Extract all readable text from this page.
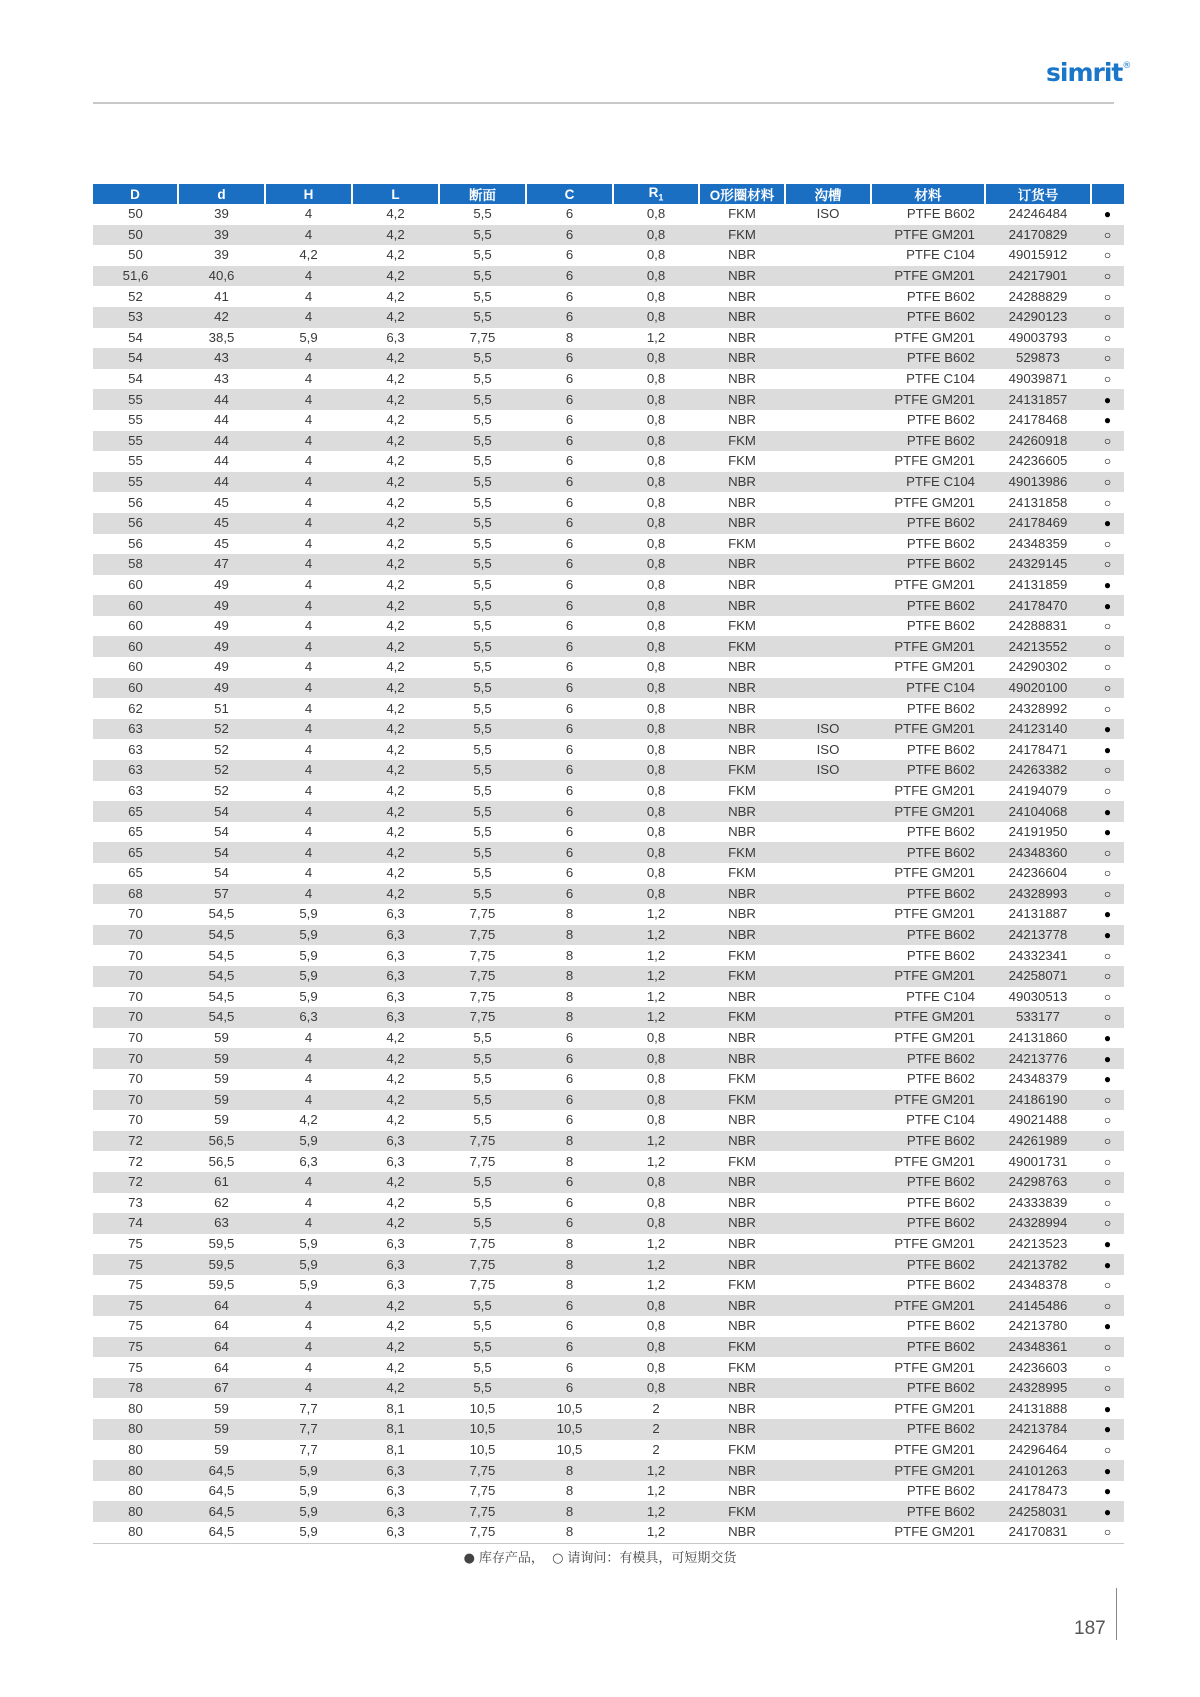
simrit®
D	d	H	L	断面	C	$R_1$	O形圈材料	沟槽	材料	订货号	
50	39	4	4,2	5,5	6	0,8	FKM	ISO	PTFE B602	24246484	●
50	39	4	4,2	5,5	6	0,8	FKM		PTFE GM201	24170829	○
50	39	4,2	4,2	5,5	6	0,8	NBR		PTFE C104	49015912	○
51,6	40,6	4	4,2	5,5	6	0,8	NBR		PTFE GM201	24217901	○
52	41	4	4,2	5,5	6	0,8	NBR		PTFE B602	24288829	○
53	42	4	4,2	5,5	6	0,8	NBR		PTFE B602	24290123	○
54	38,5	5,9	6,3	7,75	8	1,2	NBR		PTFE GM201	49003793	○
54	43	4	4,2	5,5	6	0,8	NBR		PTFE B602	529873	○
54	43	4	4,2	5,5	6	0,8	NBR		PTFE C104	49039871	○
55	44	4	4,2	5,5	6	0,8	NBR		PTFE GM201	24131857	●
55	44	4	4,2	5,5	6	0,8	NBR		PTFE B602	24178468	●
55	44	4	4,2	5,5	6	0,8	FKM		PTFE B602	24260918	○
55	44	4	4,2	5,5	6	0,8	FKM		PTFE GM201	24236605	○
55	44	4	4,2	5,5	6	0,8	NBR		PTFE C104	49013986	○
56	45	4	4,2	5,5	6	0,8	NBR		PTFE GM201	24131858	○
56	45	4	4,2	5,5	6	0,8	NBR		PTFE B602	24178469	●
56	45	4	4,2	5,5	6	0,8	FKM		PTFE B602	24348359	○
58	47	4	4,2	5,5	6	0,8	NBR		PTFE B602	24329145	○
60	49	4	4,2	5,5	6	0,8	NBR		PTFE GM201	24131859	●
60	49	4	4,2	5,5	6	0,8	NBR		PTFE B602	24178470	●
60	49	4	4,2	5,5	6	0,8	FKM		PTFE B602	24288831	○
60	49	4	4,2	5,5	6	0,8	FKM		PTFE GM201	24213552	○
60	49	4	4,2	5,5	6	0,8	NBR		PTFE GM201	24290302	○
60	49	4	4,2	5,5	6	0,8	NBR		PTFE C104	49020100	○
62	51	4	4,2	5,5	6	0,8	NBR		PTFE B602	24328992	○
63	52	4	4,2	5,5	6	0,8	NBR	ISO	PTFE GM201	24123140	●
63	52	4	4,2	5,5	6	0,8	NBR	ISO	PTFE B602	24178471	●
63	52	4	4,2	5,5	6	0,8	FKM	ISO	PTFE B602	24263382	○
63	52	4	4,2	5,5	6	0,8	FKM		PTFE GM201	24194079	○
65	54	4	4,2	5,5	6	0,8	NBR		PTFE GM201	24104068	●
65	54	4	4,2	5,5	6	0,8	NBR		PTFE B602	24191950	●
65	54	4	4,2	5,5	6	0,8	FKM		PTFE B602	24348360	○
65	54	4	4,2	5,5	6	0,8	FKM		PTFE GM201	24236604	○
68	57	4	4,2	5,5	6	0,8	NBR		PTFE B602	24328993	○
70	54,5	5,9	6,3	7,75	8	1,2	NBR		PTFE GM201	24131887	●
70	54,5	5,9	6,3	7,75	8	1,2	NBR		PTFE B602	24213778	●
70	54,5	5,9	6,3	7,75	8	1,2	FKM		PTFE B602	24332341	○
70	54,5	5,9	6,3	7,75	8	1,2	FKM		PTFE GM201	24258071	○
70	54,5	5,9	6,3	7,75	8	1,2	NBR		PTFE C104	49030513	○
70	54,5	6,3	6,3	7,75	8	1,2	FKM		PTFE GM201	533177	○
70	59	4	4,2	5,5	6	0,8	NBR		PTFE GM201	24131860	●
70	59	4	4,2	5,5	6	0,8	NBR		PTFE B602	24213776	●
70	59	4	4,2	5,5	6	0,8	FKM		PTFE B602	24348379	●
70	59	4	4,2	5,5	6	0,8	FKM		PTFE GM201	24186190	○
70	59	4,2	4,2	5,5	6	0,8	NBR		PTFE C104	49021488	○
72	56,5	5,9	6,3	7,75	8	1,2	NBR		PTFE B602	24261989	○
72	56,5	6,3	6,3	7,75	8	1,2	FKM		PTFE GM201	49001731	○
72	61	4	4,2	5,5	6	0,8	NBR		PTFE B602	24298763	○
73	62	4	4,2	5,5	6	0,8	NBR		PTFE B602	24333839	○
74	63	4	4,2	5,5	6	0,8	NBR		PTFE B602	24328994	○
75	59,5	5,9	6,3	7,75	8	1,2	NBR		PTFE GM201	24213523	●
75	59,5	5,9	6,3	7,75	8	1,2	NBR		PTFE B602	24213782	●
75	59,5	5,9	6,3	7,75	8	1,2	FKM		PTFE B602	24348378	○
75	64	4	4,2	5,5	6	0,8	NBR		PTFE GM201	24145486	○
75	64	4	4,2	5,5	6	0,8	NBR		PTFE B602	24213780	●
75	64	4	4,2	5,5	6	0,8	FKM		PTFE B602	24348361	○
75	64	4	4,2	5,5	6	0,8	FKM		PTFE GM201	24236603	○
78	67	4	4,2	5,5	6	0,8	NBR		PTFE B602	24328995	○
80	59	7,7	8,1	10,5	10,5	2	NBR		PTFE GM201	24131888	●
80	59	7,7	8,1	10,5	10,5	2	NBR		PTFE B602	24213784	●
80	59	7,7	8,1	10,5	10,5	2	FKM		PTFE GM201	24296464	○
80	64,5	5,9	6,3	7,75	8	1,2	NBR		PTFE GM201	24101263	●
80	64,5	5,9	6,3	7,75	8	1,2	NBR		PTFE B602	24178473	●
80	64,5	5,9	6,3	7,75	8	1,2	FKM		PTFE B602	24258031	●
80	64,5	5,9	6,3	7,75	8	1,2	NBR		PTFE GM201	24170831	○
● 库存产品， ○ 请询问：有模具，可短期交货
187
